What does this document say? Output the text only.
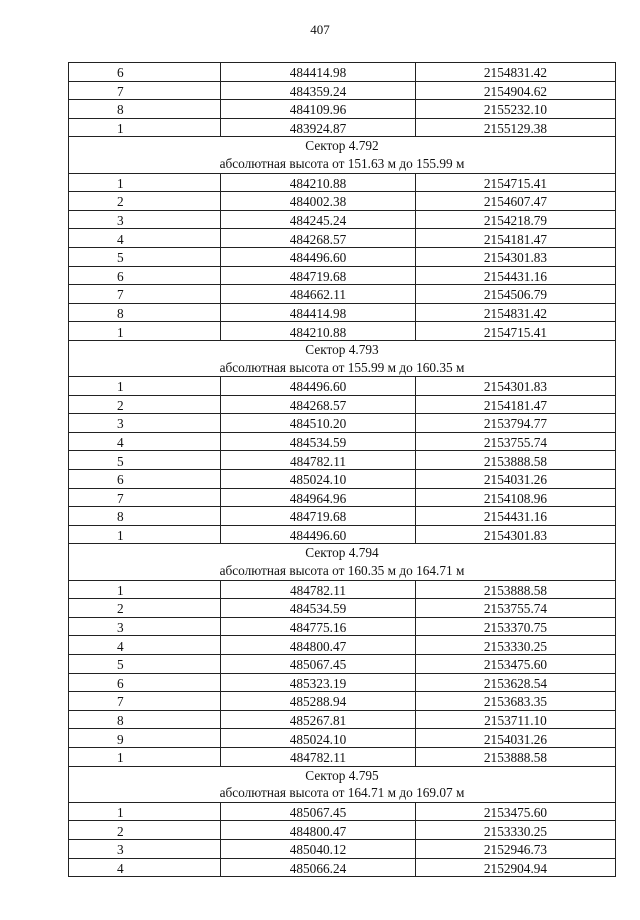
407
6	484414.98	2154831.42
7	484359.24	2154904.62
8	484109.96	2155232.10
1	483924.87	2155129.38

Сектор 4.792
абсолютная высота от 151.63 м до 155.99 м		

1	484210.88	2154715.41
2	484002.38	2154607.47
3	484245.24	2154218.79
4	484268.57	2154181.47
5	484496.60	2154301.83
6	484719.68	2154431.16
7	484662.11	2154506.79
8	484414.98	2154831.42
1	484210.88	2154715.41

Сектор 4.793
абсолютная высота от 155.99 м до 160.35 м		

1	484496.60	2154301.83
2	484268.57	2154181.47
3	484510.20	2153794.77
4	484534.59	2153755.74
5	484782.11	2153888.58
6	485024.10	2154031.26
7	484964.96	2154108.96
8	484719.68	2154431.16
1	484496.60	2154301.83

Сектор 4.794
абсолютная высота от 160.35 м до 164.71 м		

1	484782.11	2153888.58
2	484534.59	2153755.74
3	484775.16	2153370.75
4	484800.47	2153330.25
5	485067.45	2153475.60
6	485323.19	2153628.54
7	485288.94	2153683.35
8	485267.81	2153711.10
9	485024.10	2154031.26
1	484782.11	2153888.58

Сектор 4.795
абсолютная высота от 164.71 м до 169.07 м		

1	485067.45	2153475.60
2	484800.47	2153330.25
3	485040.12	2152946.73
4	485066.24	2152904.94
